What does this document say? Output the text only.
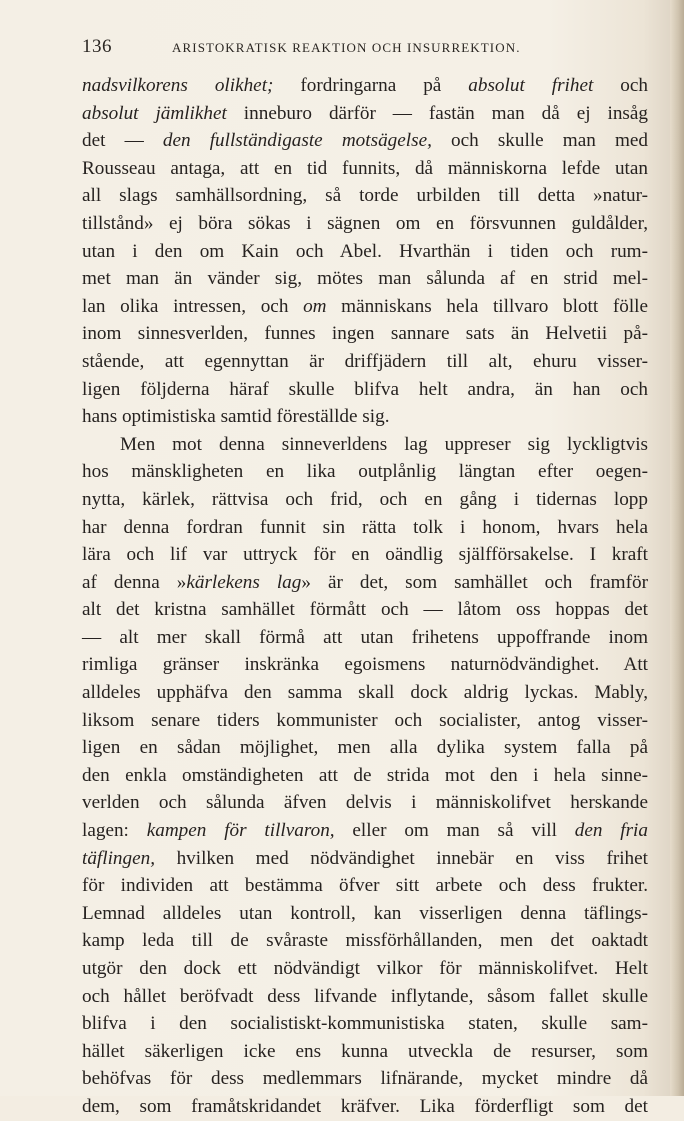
136	ARISTOKRATISK REAKTION OCH INSURREKTION.
nadsvilkorens olikhet; fordringarna på absolut frihet och
absolut jämlikhet inneburo därför — fastän man då ej insåg
det — den fullständigaste motsägelse, och skulle man med
Rousseau antaga, att en tid funnits, då människorna lefde utan
all slags samhällsordning, så torde urbilden till detta »natur-
tillstånd» ej böra sökas i sägnen om en försvunnen guldålder,
utan i den om Kain och Abel. Hvarthän i tiden och rum-
met man än vänder sig, mötes man sålunda af en strid mel-
lan olika intressen, och om människans hela tillvaro blott fölle
inom sinnesverlden, funnes ingen sannare sats än Helvetii på-
stående, att egennyttan är driffjädern till alt, ehuru visser-
ligen följderna häraf skulle blifva helt andra, än han och
hans optimistiska samtid föreställde sig.
Men mot denna sinneverldens lag uppreser sig lyckligtvis
hos mänskligheten en lika outplånlig längtan efter oegen-
nytta, kärlek, rättvisa och frid, och en gång i tidernas lopp
har denna fordran funnit sin rätta tolk i honom, hvars hela
lära och lif var uttryck för en oändlig själfförsakelse. I kraft
af denna »kärlekens lag» är det, som samhället och framför
alt det kristna samhället förmått och — låtom oss hoppas det
— alt mer skall förmå att utan frihetens uppoffrande inom
rimliga gränser inskränka egoismens naturnödvändighet. Att
alldeles upphäfva den samma skall dock aldrig lyckas. Mably,
liksom senare tiders kommunister och socialister, antog visser-
ligen en sådan möjlighet, men alla dylika system falla på
den enkla omständigheten att de strida mot den i hela sinne-
verlden och sålunda äfven delvis i människolifvet herskande
lagen: kampen för tillvaron, eller om man så vill den fria
täflingen, hvilken med nödvändighet innebär en viss frihet
för individen att bestämma öfver sitt arbete och dess frukter.
Lemnad alldeles utan kontroll, kan visserligen denna täflings-
kamp leda till de svåraste missförhållanden, men det oaktadt
utgör den dock ett nödvändigt vilkor för människolifvet. Helt
och hållet beröfvadt dess lifvande inflytande, såsom fallet skulle
blifva i den socialistiskt-kommunistiska staten, skulle sam-
hället säkerligen icke ens kunna utveckla de resurser, som
behöfvas för dess medlemmars lifnärande, mycket mindre då
dem, som framåtskridandet kräfver. Lika förderfligt som det
